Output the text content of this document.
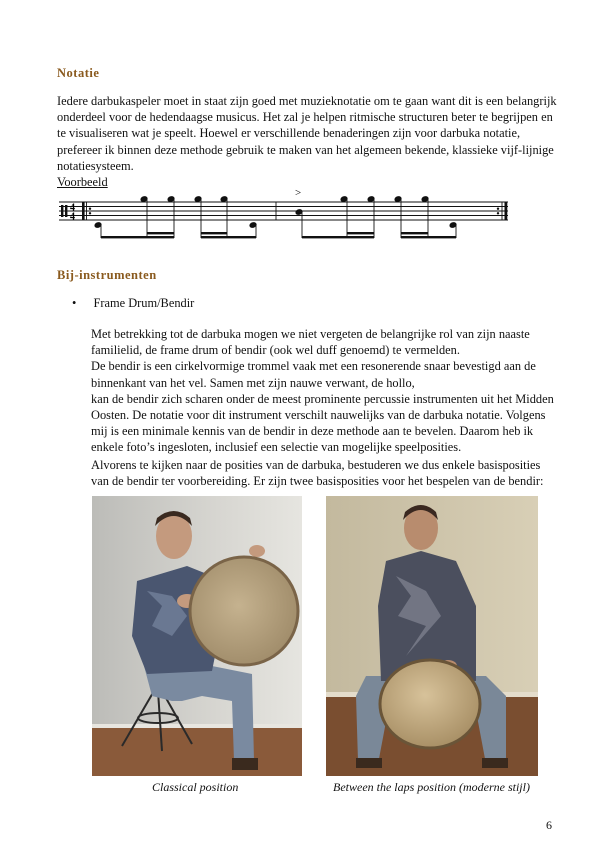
Notatie
Iedere darbukaspeler moet in staat zijn goed met muzieknotatie om te gaan want dit is een belangrijk
onderdeel voor de hedendaagse musicus. Het zal je helpen ritmische structuren beter te begrijpen en
te visualiseren wat je speelt. Hoewel er verschillende benaderingen zijn voor darbuka notatie,
prefereer ik binnen deze methode gebruik te maken van het algemeen bekende, klassieke vijf-lijnige
notatiesysteem.
Voorbeeld
4
4
>
Bij-instrumenten
• Frame Drum/Bendir
Met betrekking tot de darbuka mogen we niet vergeten de belangrijke rol van zijn naaste
familielid, de frame drum of bendir (ook wel duff genoemd) te vermelden.
De bendir is een cirkelvormige trommel vaak met een resonerende snaar bevestigd aan de
binnenkant van het vel. Samen met zijn nauwe verwant, de hollo,
kan de bendir zich scharen onder de meest prominente percussie instrumenten uit het Midden
Oosten. De notatie voor dit instrument verschilt nauwelijks van de darbuka notatie. Volgens
mij is een minimale kennis van de bendir in deze methode aan te bevelen. Daarom heb ik
enkele foto’s ingesloten, inclusief een selectie van mogelijke speelposities.
Alvorens te kijken naar de posities van de darbuka, bestuderen we dus enkele basisposities
van de bendir ter voorbereiding. Er zijn twee basisposities voor het bespelen van de bendir:
Classical position	Between the laps position (moderne stijl)
6
